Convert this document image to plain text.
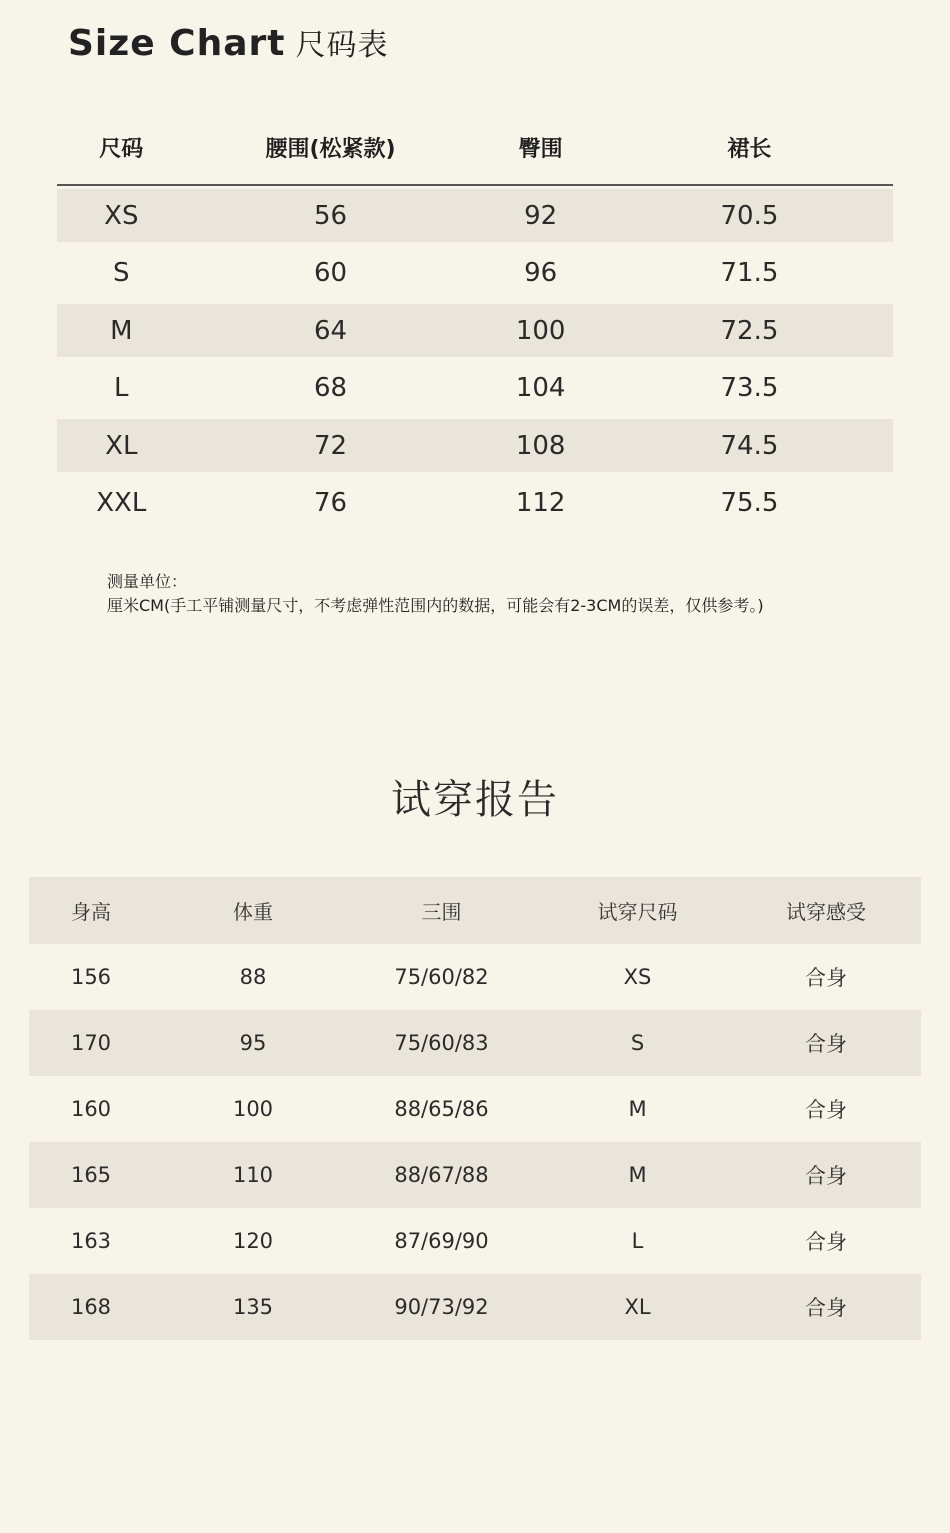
Size Chart 尺码表
尺码	腰围(松紧款)	臀围	裙长
XS	56	92	70.5
S	60	96	71.5
M	64	100	72.5
L	68	104	73.5
XL	72	108	74.5
XXL	76	112	75.5
测量单位：
厘米CM(手工平铺测量尺寸，不考虑弹性范围内的数据，可能会有2-3CM的误差，仅供参考。)
试穿报告
身高	体重	三围	试穿尺码	试穿感受
156	88	75/60/82	XS	合身
170	95	75/60/83	S	合身
160	100	88/65/86	M	合身
165	110	88/67/88	M	合身
163	120	87/69/90	L	合身
168	135	90/73/92	XL	合身
